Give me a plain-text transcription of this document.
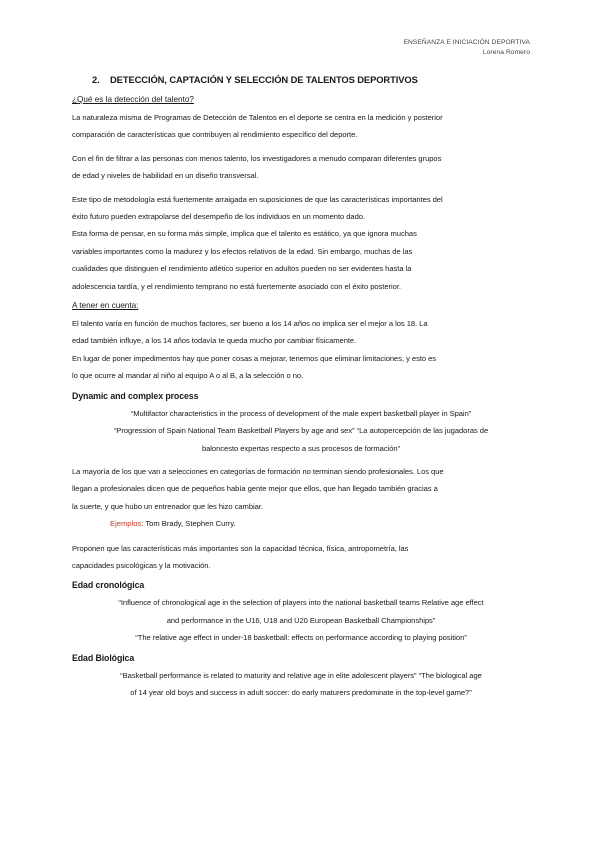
ENSEÑANZA E INICIACIÓN DEPORTIVA
Lorena Romero
2. DETECCIÓN, CAPTACIÓN Y SELECCIÓN DE TALENTOS DEPORTIVOS
¿Qué es la detección del talento?

La naturaleza misma de Programas de Detección de Talentos en el deporte se centra en la medición y posterior

comparación de características que contribuyen al rendimiento específico del deporte.

Con el fin de filtrar a las personas con menos talento, los investigadores a menudo comparan diferentes grupos

de edad y niveles de habilidad en un diseño transversal.

Este tipo de metodología está fuertemente arraigada en suposiciones de que las características importantes del

éxito futuro pueden extrapolarse del desempeño de los individuos en un momento dado.

Esta forma de pensar, en su forma más simple, implica que el talento es estático, ya que ignora muchas

variables importantes como la madurez y los efectos relativos de la edad. Sin embargo, muchas de las

cualidades que distinguen el rendimiento atlético superior en adultos pueden no ser evidentes hasta la

adolescencia tardía, y el rendimiento temprano no está fuertemente asociado con el éxito posterior.

A tener en cuenta:

El talento varía en función de muchos factores, ser bueno a los 14 años no implica ser el mejor a los 18. La

edad también influye, a los 14 años todavía te queda mucho por cambiar físicamente.

En lugar de poner impedimentos hay que poner cosas a mejorar, tenemos que eliminar limitaciones, y esto es

lo que ocurre al mandar al niño al equipo A o al B, a la selección o no.

Dynamic and complex process

“Multifactor characteristics in the process of development of the male expert basketball player in Spain”

“Progression of Spain National Team Basketball Players by age and sex” “La autopercepción de las jugadoras de

baloncesto expertas respecto a sus procesos de formación”

La mayoría de los que van a selecciones en categorías de formación no terminan siendo profesionales. Los que

llegan a profesionales dicen que de pequeños había gente mejor que ellos, que han llegado también gracias a

la suerte, y que hubo un entrenador que les hizo cambiar.

Ejemplos: Tom Brady, Stephen Curry.

Proponen que las características más importantes son la capacidad técnica, física, antropometría, las

capacidades psicológicas y la motivación.

Edad cronológica

“Influence of chronological age in the selection of players into the national basketball teams Relative age effect

and performance in the U16, U18 and U20 European Basketball Championships”

“The relative age effect in under-18 basketball: effects on performance according to playing position”

Edad Biológica

“Basketball performance is related to maturity and relative age in elite adolescent players” “The biological age

of 14 year old boys and success in adult soccer: do early maturers predominate in the top-level game?”
